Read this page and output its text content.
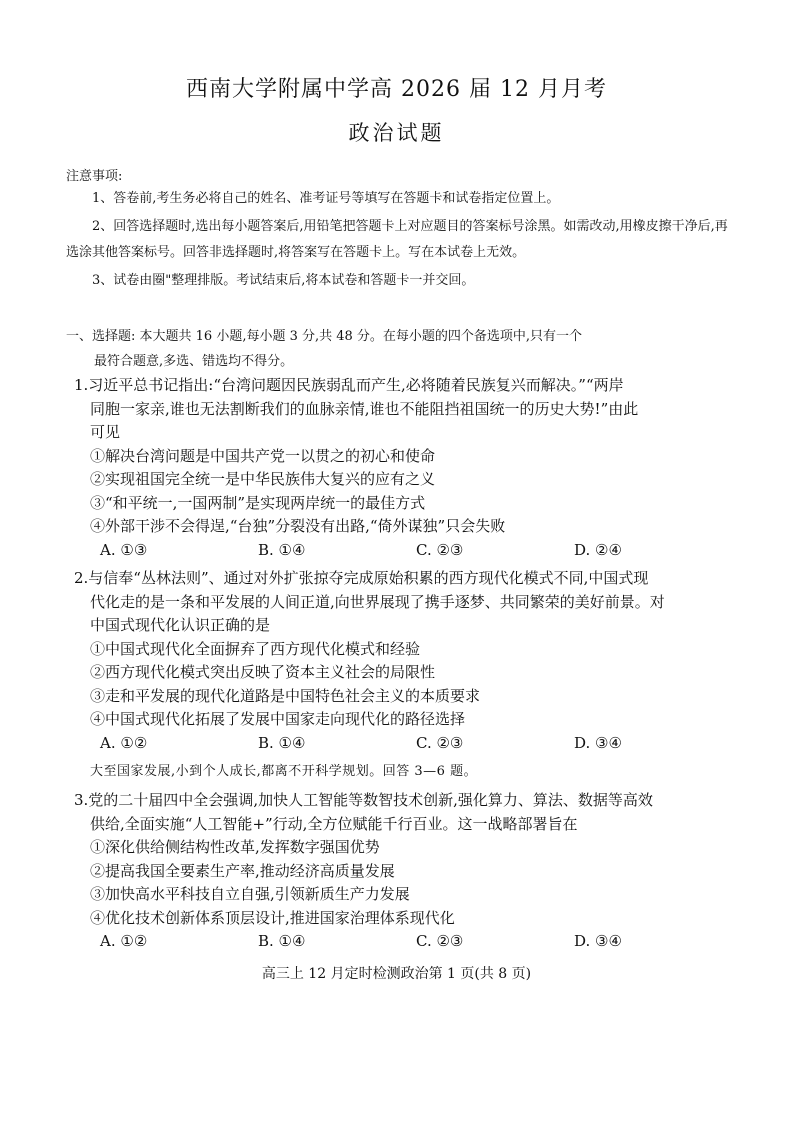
西南大学附属中学高 2026 届 12 月月考
政治试题
注意事项:
1、答卷前,考生务必将自己的姓名、准考证号等填写在答题卡和试卷指定位置上。
2、回答选择题时,选出每小题答案后,用铅笔把答题卡上对应题目的答案标号涂黑。如需改动,用橡皮擦干净后,再选涂其他答案标号。回答非选择题时,将答案写在答题卡上。写在本试卷上无效。
3、试卷由圈"整理排版。考试结束后,将本试卷和答题卡一并交回。
一、选择题: 本大题共 16 小题,每小题 3 分,共 48 分。在每小题的四个备选项中,只有一个
最符合题意,多选、错选均不得分。
1.习近平总书记指出:“台湾问题因民族弱乱而产生,必将随着民族复兴而解决。”“两岸
同胞一家亲,谁也无法割断我们的血脉亲情,谁也不能阻挡祖国统一的历史大势!”由此
可见
①解决台湾问题是中国共产党一以贯之的初心和使命
②实现祖国完全统一是中华民族伟大复兴的应有之义
③“和平统一,一国两制”是实现两岸统一的最佳方式
④外部干涉不会得逞,“台独”分裂没有出路,“倚外谋独”只会失败
A. ①③	B. ①④	C. ②③	D. ②④
2.与信奉“丛林法则”、通过对外扩张掠夺完成原始积累的西方现代化模式不同,中国式现
代化走的是一条和平发展的人间正道,向世界展现了携手逐梦、共同繁荣的美好前景。对
中国式现代化认识正确的是
①中国式现代化全面摒弃了西方现代化模式和经验
②西方现代化模式突出反映了资本主义社会的局限性
③走和平发展的现代化道路是中国特色社会主义的本质要求
④中国式现代化拓展了发展中国家走向现代化的路径选择
A. ①②	B. ①④	C. ②③	D. ③④
大至国家发展,小到个人成长,都离不开科学规划。回答 3—6 题。
3.党的二十届四中全会强调,加快人工智能等数智技术创新,强化算力、算法、数据等高效
供给,全面实施“人工智能+”行动,全方位赋能千行百业。这一战略部署旨在
①深化供给侧结构性改革,发挥数字强国优势
②提高我国全要素生产率,推动经济高质量发展
③加快高水平科技自立自强,引领新质生产力发展
④优化技术创新体系顶层设计,推进国家治理体系现代化
A. ①②	B. ①④	C. ②③	D. ③④
高三上 12 月定时检测政治第 1 页(共 8 页)
